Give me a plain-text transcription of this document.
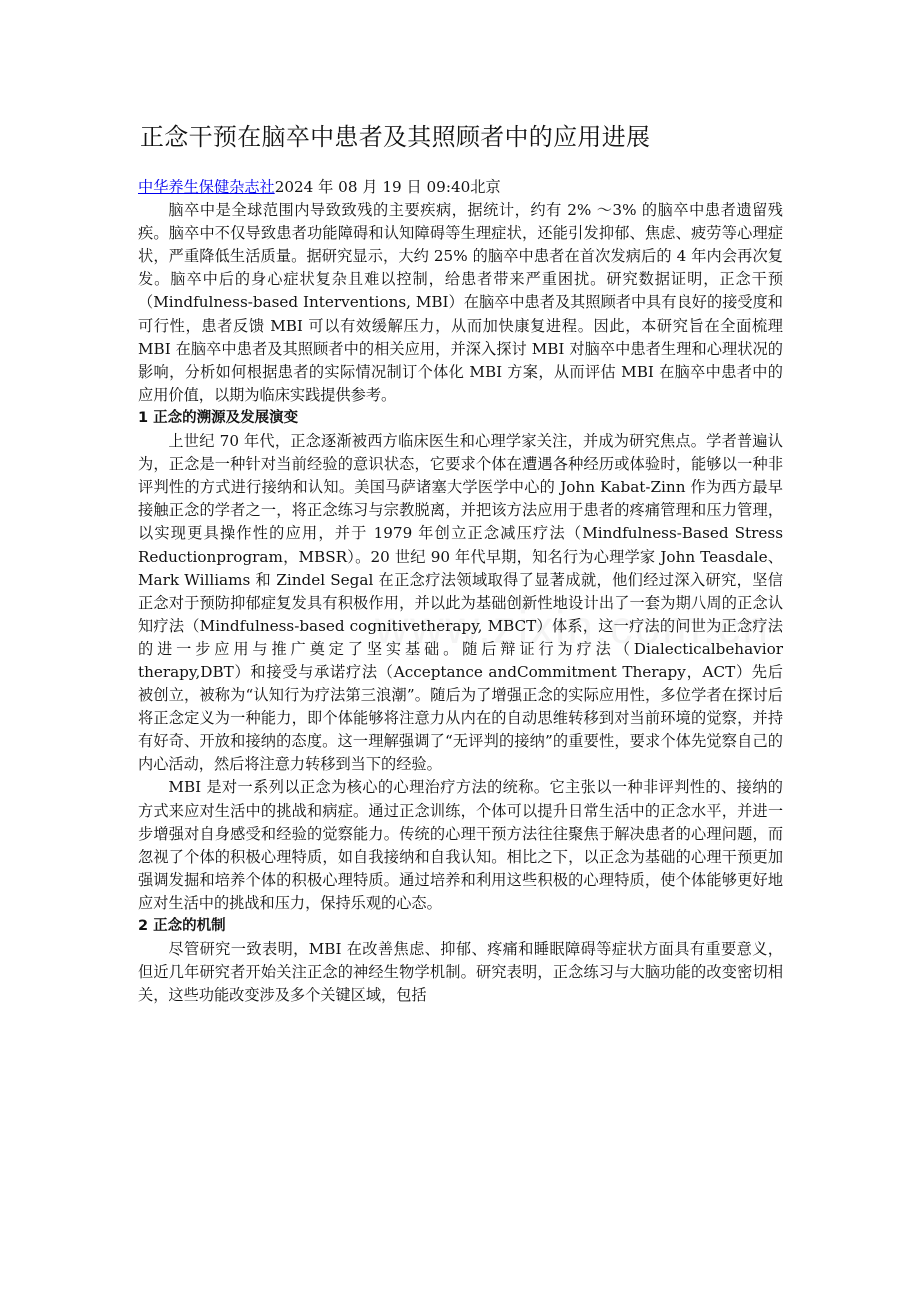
正念干预在脑卒中患者及其照顾者中的应用进展

中华养生保健杂志社2024 年 08 月 19 日 09:40北京

脑卒中是全球范围内导致致残的主要疾病，据统计，约有 2% ～3% 的脑卒中患者遗留残疾。脑卒中不仅导致患者功能障碍和认知障碍等生理症状，还能引发抑郁、焦虑、疲劳等心理症状，严重降低生活质量。据研究显示，大约 25% 的脑卒中患者在首次发病后的 4 年内会再次复发。脑卒中后的身心症状复杂且难以控制，给患者带来严重困扰。研究数据证明，正念干预（Mindfulness-based Interventions, MBI）在脑卒中患者及其照顾者中具有良好的接受度和可行性，患者反馈 MBI 可以有效缓解压力，从而加快康复进程。因此，本研究旨在全面梳理 MBI 在脑卒中患者及其照顾者中的相关应用，并深入探讨 MBI 对脑卒中患者生理和心理状况的影响，分析如何根据患者的实际情况制订个体化 MBI 方案，从而评估 MBI 在脑卒中患者中的应用价值，以期为临床实践提供参考。

1 正念的溯源及发展演变

上世纪 70 年代，正念逐渐被西方临床医生和心理学家关注，并成为研究焦点。学者普遍认为，正念是一种针对当前经验的意识状态，它要求个体在遭遇各种经历或体验时，能够以一种非评判性的方式进行接纳和认知。美国马萨诸塞大学医学中心的 John Kabat-Zinn 作为西方最早接触正念的学者之一，将正念练习与宗教脱离，并把该方法应用于患者的疼痛管理和压力管理，以实现更具操作性的应用，并于 1979 年创立正念减压疗法（Mindfulness-Based Stress Reductionprogram，MBSR）。20 世纪 90 年代早期，知名行为心理学家 John Teasdale、Mark Williams 和 Zindel Segal 在正念疗法领域取得了显著成就，他们经过深入研究，坚信正念对于预防抑郁症复发具有积极作用，并以此为基础创新性地设计出了一套为期八周的正念认知疗法（Mindfulness-based cognitivetherapy, MBCT）体系，这一疗法的问世为正念疗法的进一步应用与推广奠定了坚实基础。随后辩证行为疗法（Dialecticalbehavior therapy,DBT）和接受与承诺疗法（Acceptance andCommitment Therapy，ACT）先后被创立，被称为“认知行为疗法第三浪潮”。随后为了增强正念的实际应用性，多位学者在探讨后将正念定义为一种能力，即个体能够将注意力从内在的自动思维转移到对当前环境的觉察，并持有好奇、开放和接纳的态度。这一理解强调了“无评判的接纳”的重要性，要求个体先觉察自己的内心活动，然后将注意力转移到当下的经验。

MBI 是对一系列以正念为核心的心理治疗方法的统称。它主张以一种非评判性的、接纳的方式来应对生活中的挑战和病症。通过正念训练，个体可以提升日常生活中的正念水平，并进一步增强对自身感受和经验的觉察能力。传统的心理干预方法往往聚焦于解决患者的心理问题，而忽视了个体的积极心理特质，如自我接纳和自我认知。相比之下，以正念为基础的心理干预更加强调发掘和培养个体的积极心理特质。通过培养和利用这些积极的心理特质，使个体能够更好地应对生活中的挑战和压力，保持乐观的心态。

2 正念的机制

尽管研究一致表明，MBI 在改善焦虑、抑郁、疼痛和睡眠障碍等症状方面具有重要意义，但近几年研究者开始关注正念的神经生物学机制。研究表明，正念练习与大脑功能的改变密切相关，这些功能改变涉及多个关键区域，包括
